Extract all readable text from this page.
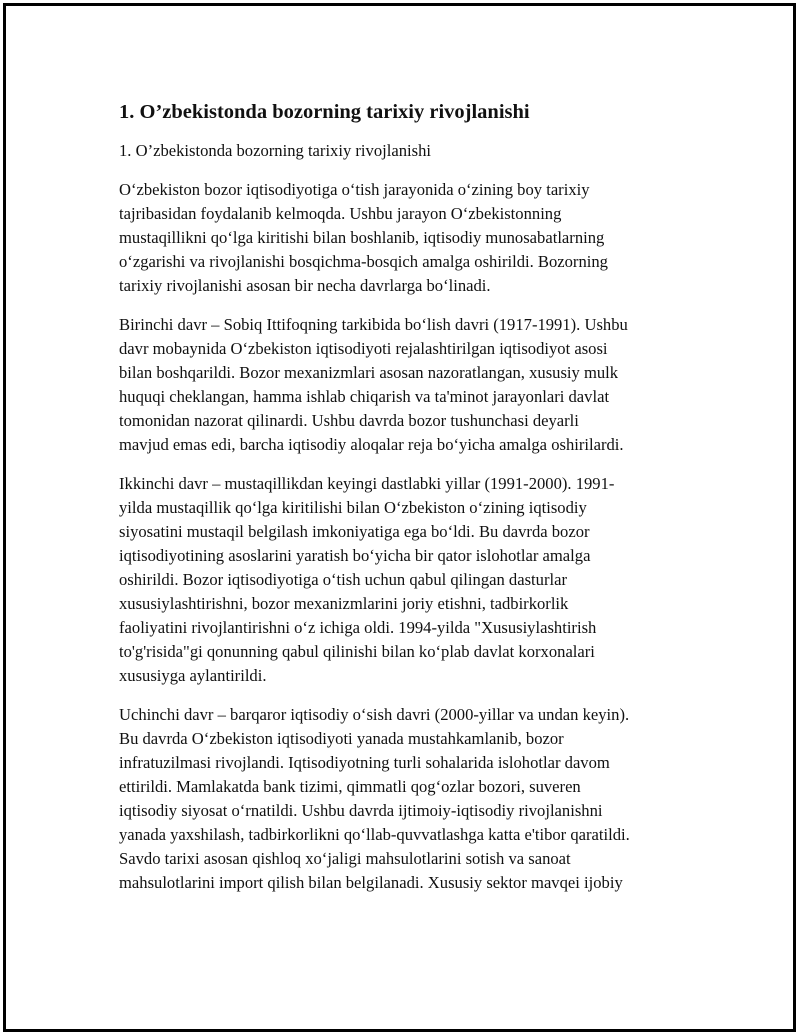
1. O’zbekistonda bozorning tarixiy rivojlanishi

1. O’zbekistonda bozorning tarixiy rivojlanishi

O‘zbekiston bozor iqtisodiyotiga o‘tish jarayonida o‘zining boy tarixiy
tajribasidan foydalanib kelmoqda. Ushbu jarayon O‘zbekistonning
mustaqillikni qo‘lga kiritishi bilan boshlanib, iqtisodiy munosabatlarning
o‘zgarishi va rivojlanishi bosqichma-bosqich amalga oshirildi. Bozorning
tarixiy rivojlanishi asosan bir necha davrlarga bo‘linadi.

Birinchi davr – Sobiq Ittifoqning tarkibida bo‘lish davri (1917-1991). Ushbu
davr mobaynida O‘zbekiston iqtisodiyoti rejalashtirilgan iqtisodiyot asosi
bilan boshqarildi. Bozor mexanizmlari asosan nazoratlangan, xususiy mulk
huquqi cheklangan, hamma ishlab chiqarish va ta'minot jarayonlari davlat
tomonidan nazorat qilinardi. Ushbu davrda bozor tushunchasi deyarli
mavjud emas edi, barcha iqtisodiy aloqalar reja bo‘yicha amalga oshirilardi.

Ikkinchi davr – mustaqillikdan keyingi dastlabki yillar (1991-2000). 1991-
yilda mustaqillik qo‘lga kiritilishi bilan O‘zbekiston o‘zining iqtisodiy
siyosatini mustaqil belgilash imkoniyatiga ega bo‘ldi. Bu davrda bozor
iqtisodiyotining asoslarini yaratish bo‘yicha bir qator islohotlar amalga
oshirildi. Bozor iqtisodiyotiga o‘tish uchun qabul qilingan dasturlar
xususiylashtirishni, bozor mexanizmlarini joriy etishni, tadbirkorlik
faoliyatini rivojlantirishni o‘z ichiga oldi. 1994-yilda "Xususiylashtirish
to'g'risida"gi qonunning qabul qilinishi bilan ko‘plab davlat korxonalari
xususiyga aylantirildi.

Uchinchi davr – barqaror iqtisodiy o‘sish davri (2000-yillar va undan keyin).
Bu davrda O‘zbekiston iqtisodiyoti yanada mustahkamlanib, bozor
infratuzilmasi rivojlandi. Iqtisodiyotning turli sohalarida islohotlar davom
ettirildi. Mamlakatda bank tizimi, qimmatli qog‘ozlar bozori, suveren
iqtisodiy siyosat o‘rnatildi. Ushbu davrda ijtimoiy-iqtisodiy rivojlanishni
yanada yaxshilash, tadbirkorlikni qo‘llab-quvvatlashga katta e'tibor qaratildi.
Savdo tarixi asosan qishloq xo‘jaligi mahsulotlarini sotish va sanoat
mahsulotlarini import qilish bilan belgilanadi. Xususiy sektor mavqei ijobiy
